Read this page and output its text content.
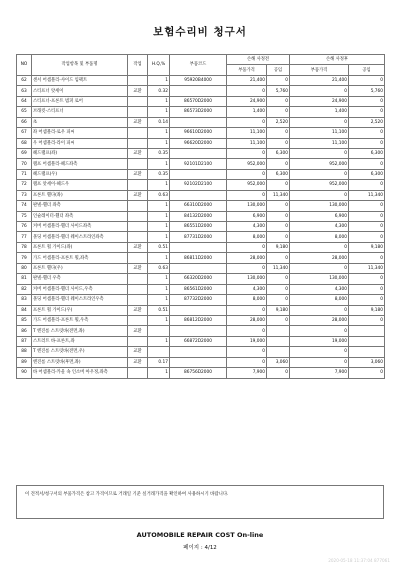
보험수리비 청구서
NO	작업항목 및 부품명	작업	H.Q,%	부품코드	손해 사정전		손해 사정후	
					부품가격	공임	부품가격	공임
62	센서 어셈블리-사이드 임팩트		1	95920B4000	21,400	0	21,400	0
63	스티프너 앗세이	교환	0.32		0	5,760	0	5,760
64	스티프너-프론트 범퍼 로어		1	86570D2000	24,900	0	24,900	0
65	브래킷-스티프너		1	86573D2000	1,400	0	1,400	0
66	초	교환	0.14		0	2,520	0	2,520
67	좌 어셈블리-로우 피씨		1	96610D2000	11,100	0	11,100	0
68	우 어셈블리-라이 피씨		1	96620D2000	11,100	0	11,100	0
69	헤드램프(좌)	교환	0.35		0	6,300	0	6,300
70	램프 어셈블리-헤드좌측		1	92101D2100	952,000	0	952,000	0
71	헤드램프(우)	교환	0.35		0	6,300	0	6,300
72	램프 앗세이-헤드우		1	92102D2100	952,000	0	952,000	0
73	프론트 휀다(좌)	교환	0.63		0	11,340	0	11,340
74	판넬-휀더 좌측		1	66310D2000	130,000	0	130,000	0
75	인슐레이터-휀더 좌측		1	84132D2000	6,900	0	6,900	0
76	커버 어셈블리-휀더 사이드좌측		1	86551D2000	4,300	0	4,300	0
77	몰딩 어셈블리-휀더 웨이스트라인좌측		1	87731D2000	8,000	0	8,000	0
78	프론트 휠 가이드(좌)	교환	0.51		0	9,180	0	9,180
79	가드 어셈블리-프론트 휠,좌측		1	86811D2000	28,000	0	28,000	0
80	프론트 휀다(우)	교환	0.63		0	11,340	0	11,340
81	판넬-휀더 우측		1	66320D2000	130,000	0	130,000	0
82	커버 어셈블리-휀더 사이드,우측		1	86561D2000	4,300	0	4,300	0
83	몰딩 어셈블리-휀더 웨이스트라인우측		1	87732D2000	8,000	0	8,000	0
84	프론트 휠 가이드(우)	교환	0.51		0	9,180	0	9,180
85	가드 어셈블리-프론트 휠,우측		1	86812D2000	28,000	0	28,000	0
86	T 엔진룸 스트럿바(전면,좌)	교환			0		0	
87	스트러트 바-프론트,좌		1	66872D2000	19,000		19,000	
88	T 엔진룸 스트럿바(전면,우)	교환			0		0	
89	엔진룸 스트럿바(후면,좌)	교환	0.17		0	3,060	0	3,060
90	바 어셈블리-카울 속 인소버 아우정,좌측		1	86756D2000	7,900	0	7,900	0
이 견적서/청구서의 부품가격은 참고 가격이므로 거래일 기준 실거래가격을 확인하여 사용하시기 바랍니다.
AUTOMOBILE REPAIR COST On-line
페이지 : 4/12
2020-05-18 11:37:04 877061
